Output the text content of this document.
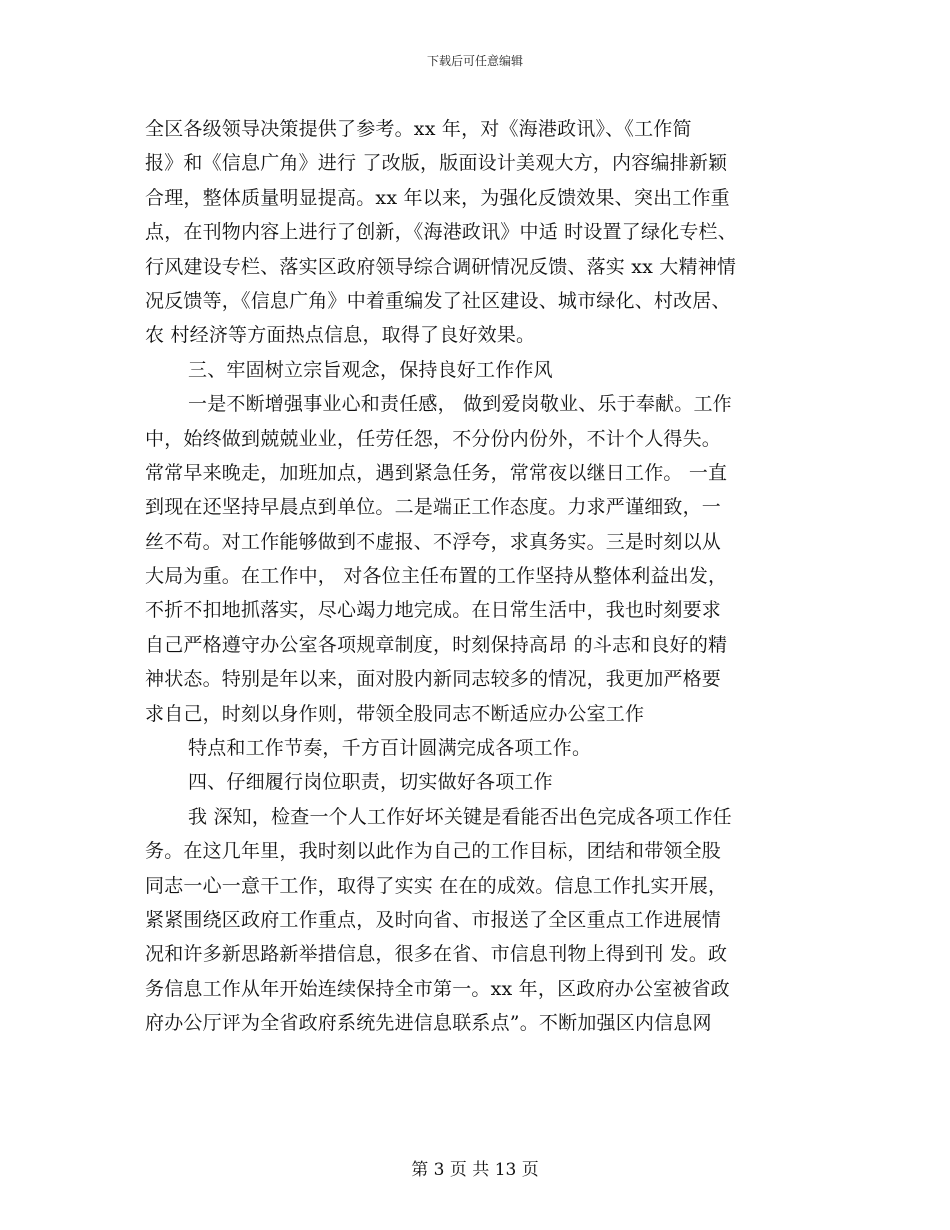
下载后可任意编辑
全区各级领导决策提供了参考。xx 年，对《海港政讯》、《工作简
报》和《信息广角》进行 了改版，版面设计美观大方，内容编排新颖
合理，整体质量明显提高。xx 年以来，为强化反馈效果、突出工作重
点，在刊物内容上进行了创新，《海港政讯》中适 时设置了绿化专栏、
行风建设专栏、落实区政府领导综合调研情况反馈、落实 xx 大精神情
况反馈等，《信息广角》中着重编发了社区建设、城市绿化、村改居、
农 村经济等方面热点信息，取得了良好效果。
三、牢固树立宗旨观念，保持良好工作作风
一是不断增强事业心和责任感， 做到爱岗敬业、乐于奉献。工作
中，始终做到兢兢业业，任劳任怨，不分份内份外，不计个人得失。
常常早来晚走，加班加点，遇到紧急任务，常常夜以继日工作。 一直
到现在还坚持早晨点到单位。二是端正工作态度。力求严谨细致，一
丝不苟。对工作能够做到不虚报、不浮夸，求真务实。三是时刻以从
大局为重。在工作中， 对各位主任布置的工作坚持从整体利益出发，
不折不扣地抓落实，尽心竭力地完成。在日常生活中，我也时刻要求
自己严格遵守办公室各项规章制度，时刻保持高昂 的斗志和良好的精
神状态。特别是年以来，面对股内新同志较多的情况，我更加严格要
求自己，时刻以身作则，带领全股同志不断适应办公室工作
特点和工作节奏，千方百计圆满完成各项工作。
四、仔细履行岗位职责，切实做好各项工作
我 深知，检查一个人工作好坏关键是看能否出色完成各项工作任
务。在这几年里，我时刻以此作为自己的工作目标，团结和带领全股
同志一心一意干工作，取得了实实 在在的成效。信息工作扎实开展，
紧紧围绕区政府工作重点，及时向省、市报送了全区重点工作进展情
况和许多新思路新举措信息，很多在省、市信息刊物上得到刊 发。政
务信息工作从年开始连续保持全市第一。xx 年，区政府办公室被省政
府办公厅评为全省政府系统先进信息联系点”。不断加强区内信息网
第 3 页 共 13 页
